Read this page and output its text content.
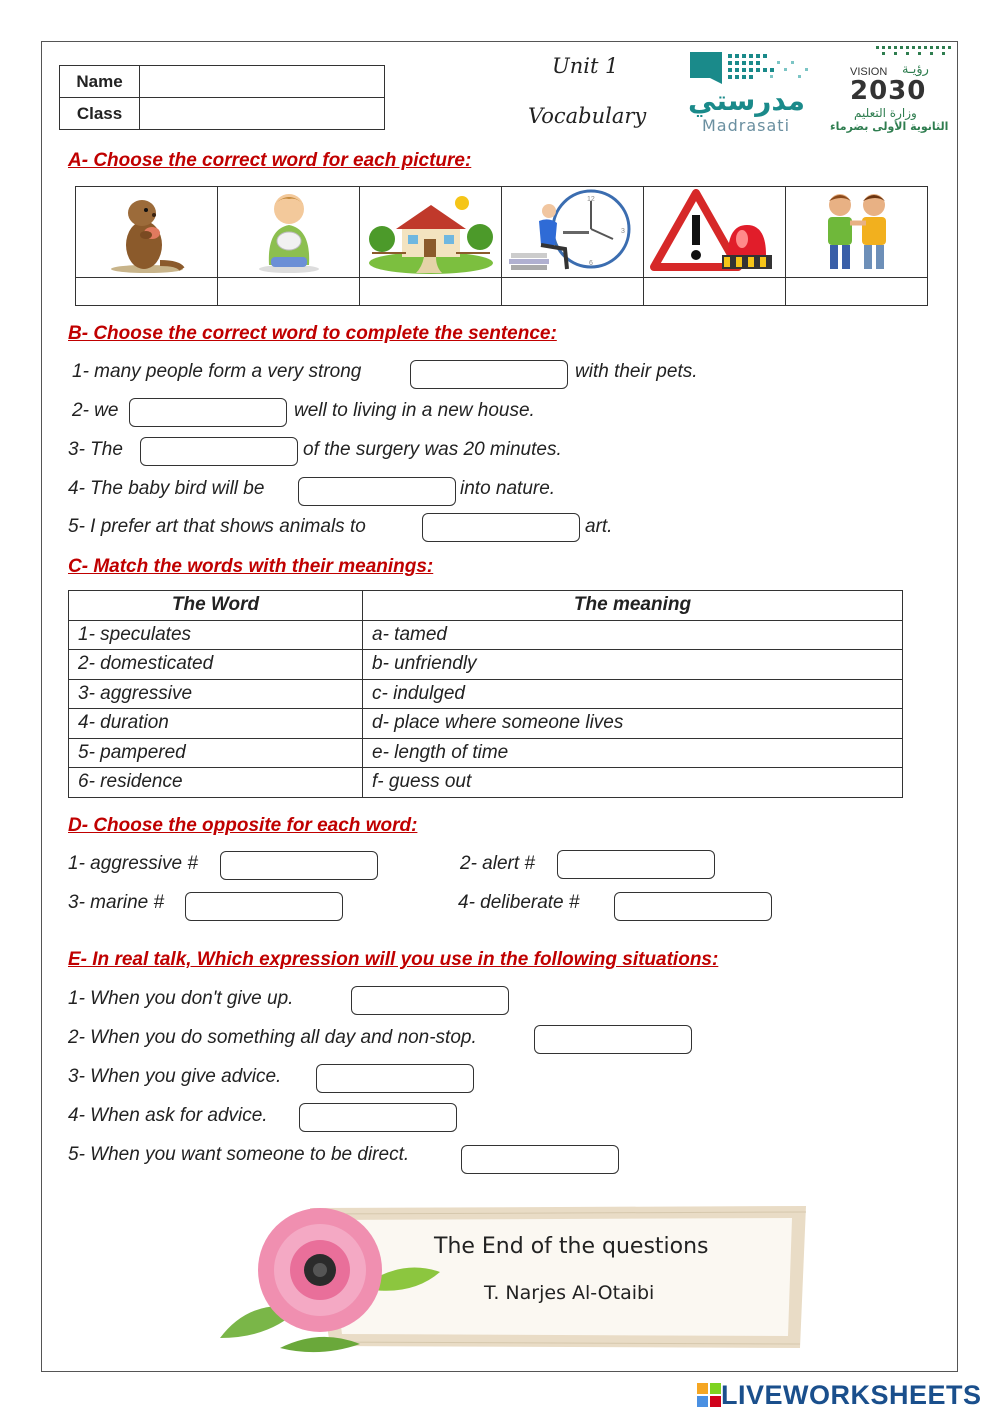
Name	
Class	
Unit 1
Vocabulary مدرستي
Madrasati
VISION رؤيـة
2030
وزارة التعليم
الثانوية الأولى بضرماء
A- Choose the correct word for each picture:

12
3
6

B- Choose the correct word to complete the sentence:
1- many people form a very strong	with their pets.
2- we	well to living in a new house.
3- The	of the surgery was 20 minutes.
4- The baby bird will be	into nature.
5- I prefer art that shows animals to	art.
C- Match the words with their meanings:
The Word	The meaning
1- speculates	a- tamed
2- domesticated	b- unfriendly
3- aggressive	c- indulged
4- duration	d- place where someone lives
5- pampered	e- length of time
6- residence	f- guess out
D- Choose the opposite for each word:
1- aggressive #	2- alert #
3- marine #	4- deliberate #
E- In real talk, Which expression will you use in the following situations:
1- When you don't give up.
2- When you do something all day and non-stop.
3- When you give advice.
4- When ask for advice.
5- When you want someone to be direct.
The End of the questions
T. Narjes Al-Otaibi
LIVEWORKSHEETS
